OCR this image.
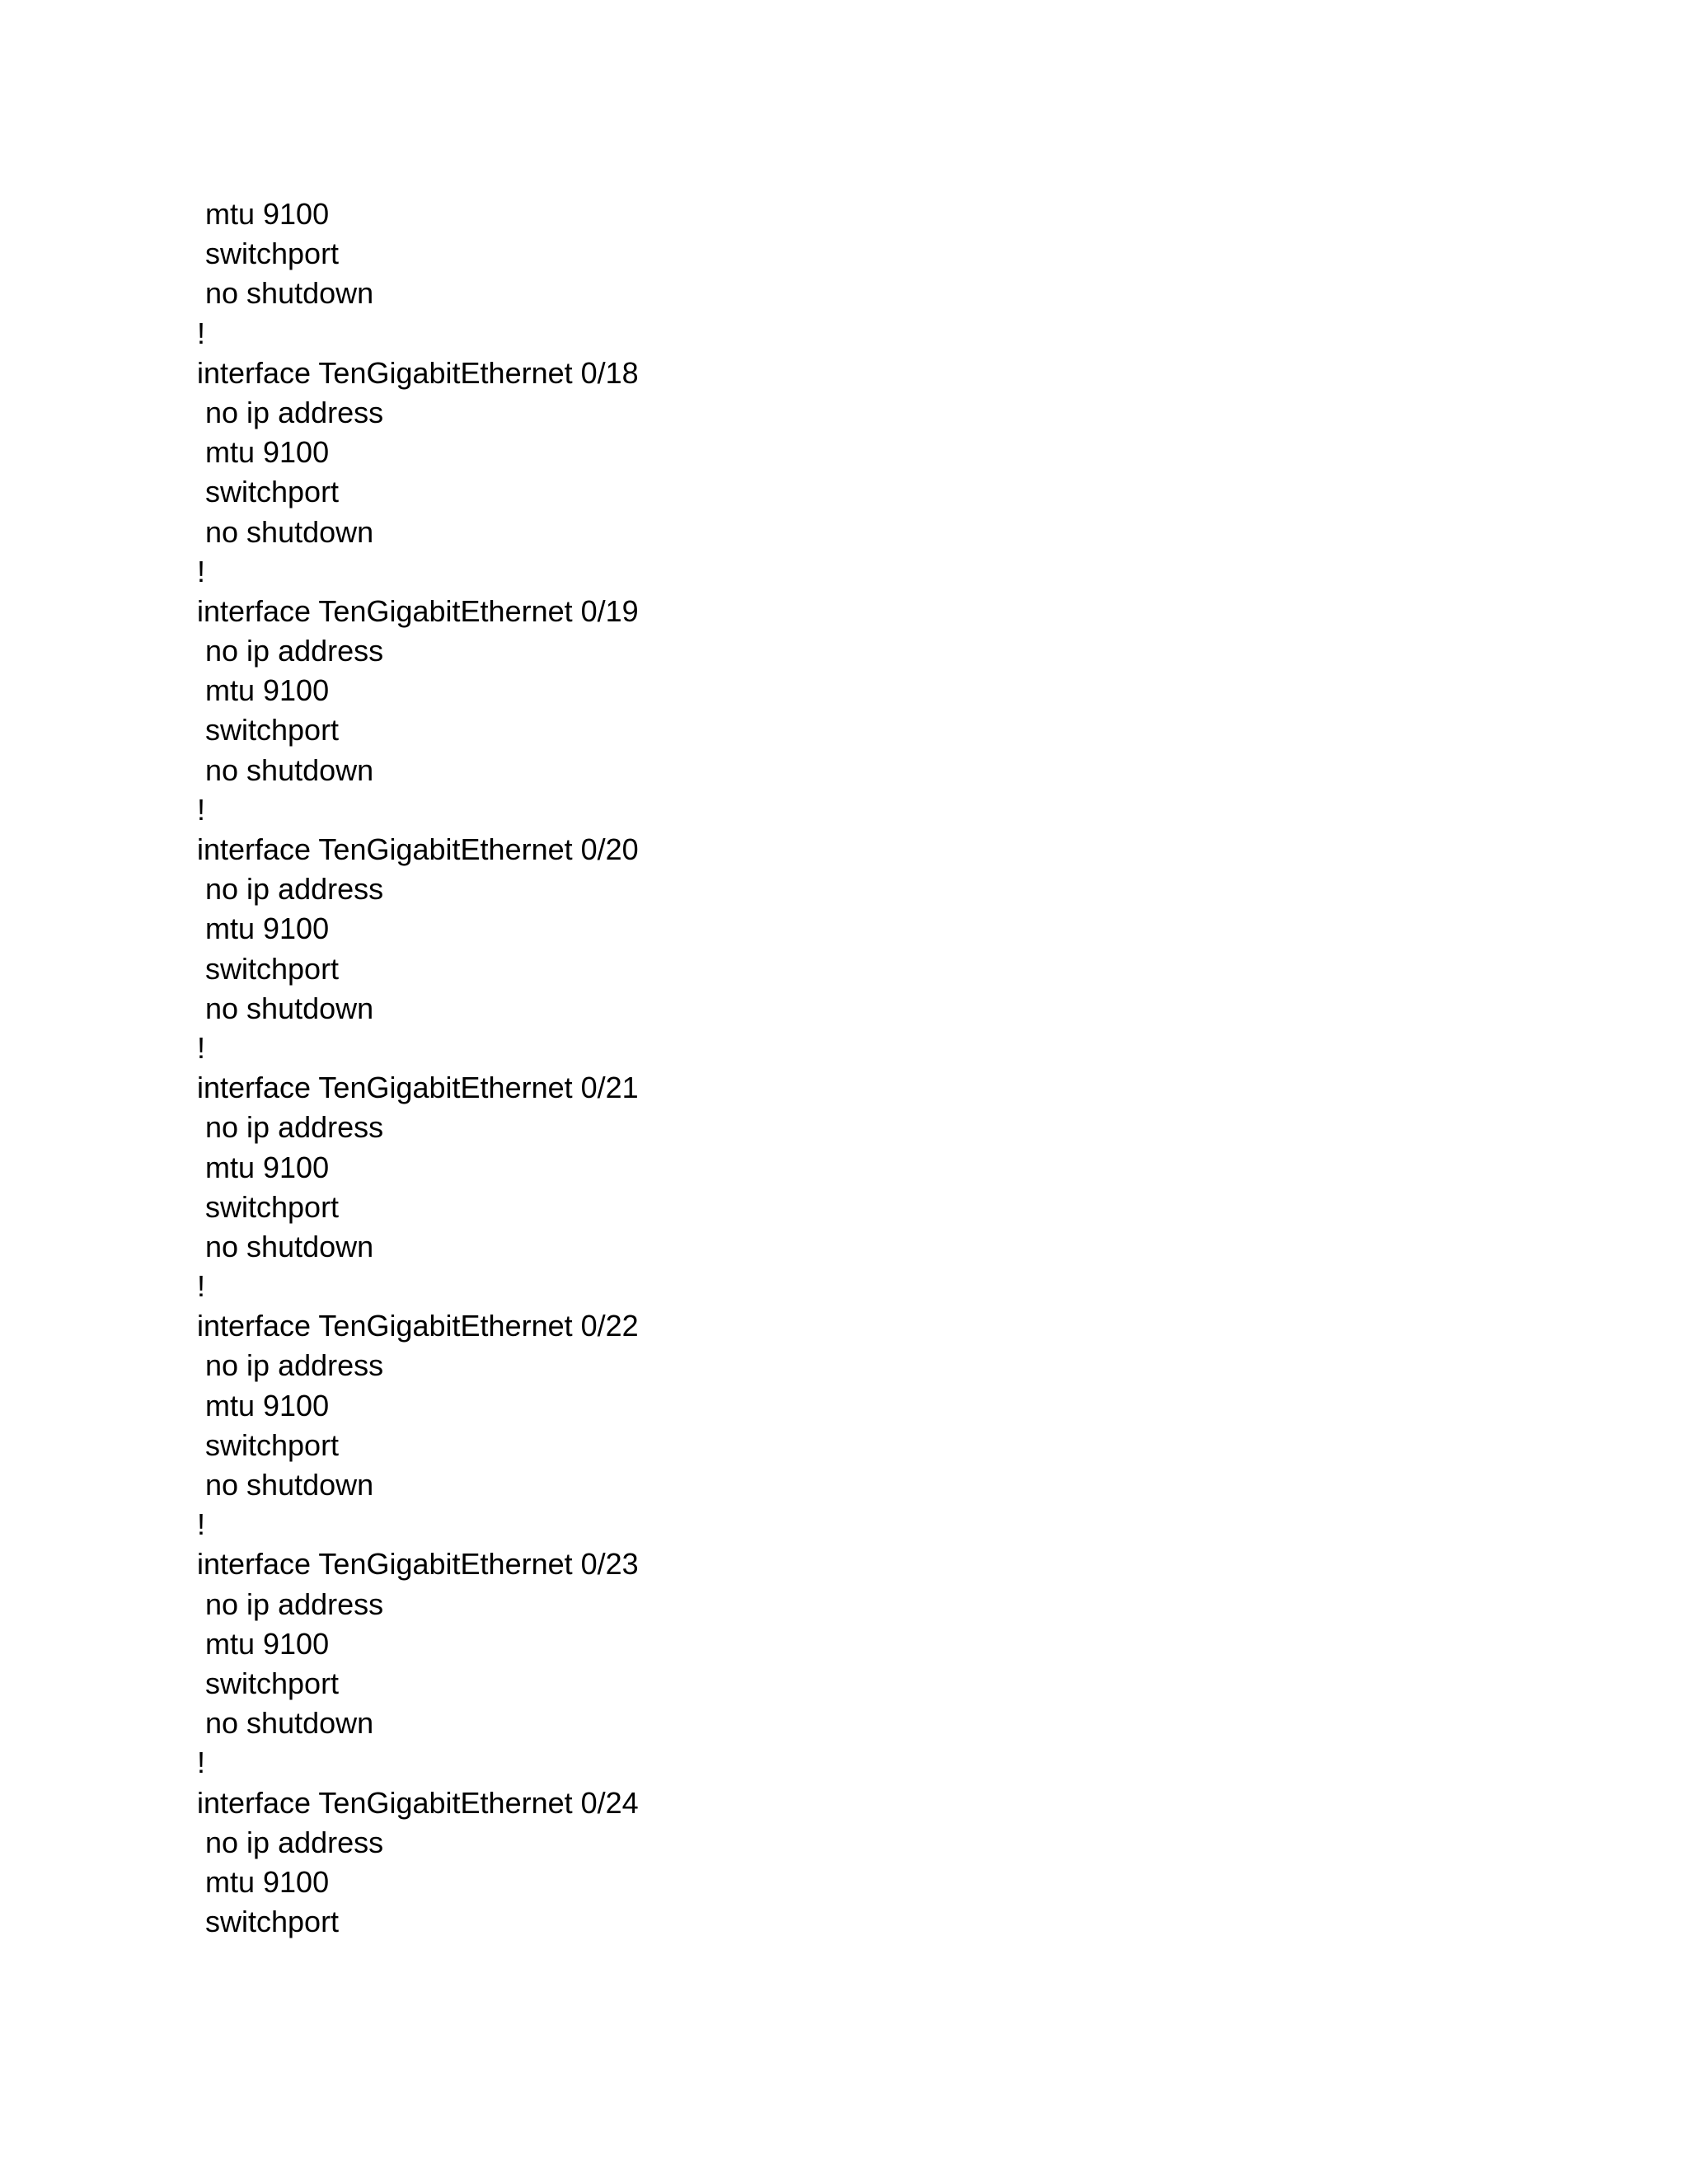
mtu 9100
switchport
no shutdown
!
interface TenGigabitEthernet 0/18
no ip address
mtu 9100
switchport
no shutdown
!
interface TenGigabitEthernet 0/19
no ip address
mtu 9100
switchport
no shutdown
!
interface TenGigabitEthernet 0/20
no ip address
mtu 9100
switchport
no shutdown
!
interface TenGigabitEthernet 0/21
no ip address
mtu 9100
switchport
no shutdown
!
interface TenGigabitEthernet 0/22
no ip address
mtu 9100
switchport
no shutdown
!
interface TenGigabitEthernet 0/23
no ip address
mtu 9100
switchport
no shutdown
!
interface TenGigabitEthernet 0/24
no ip address
mtu 9100
switchport
